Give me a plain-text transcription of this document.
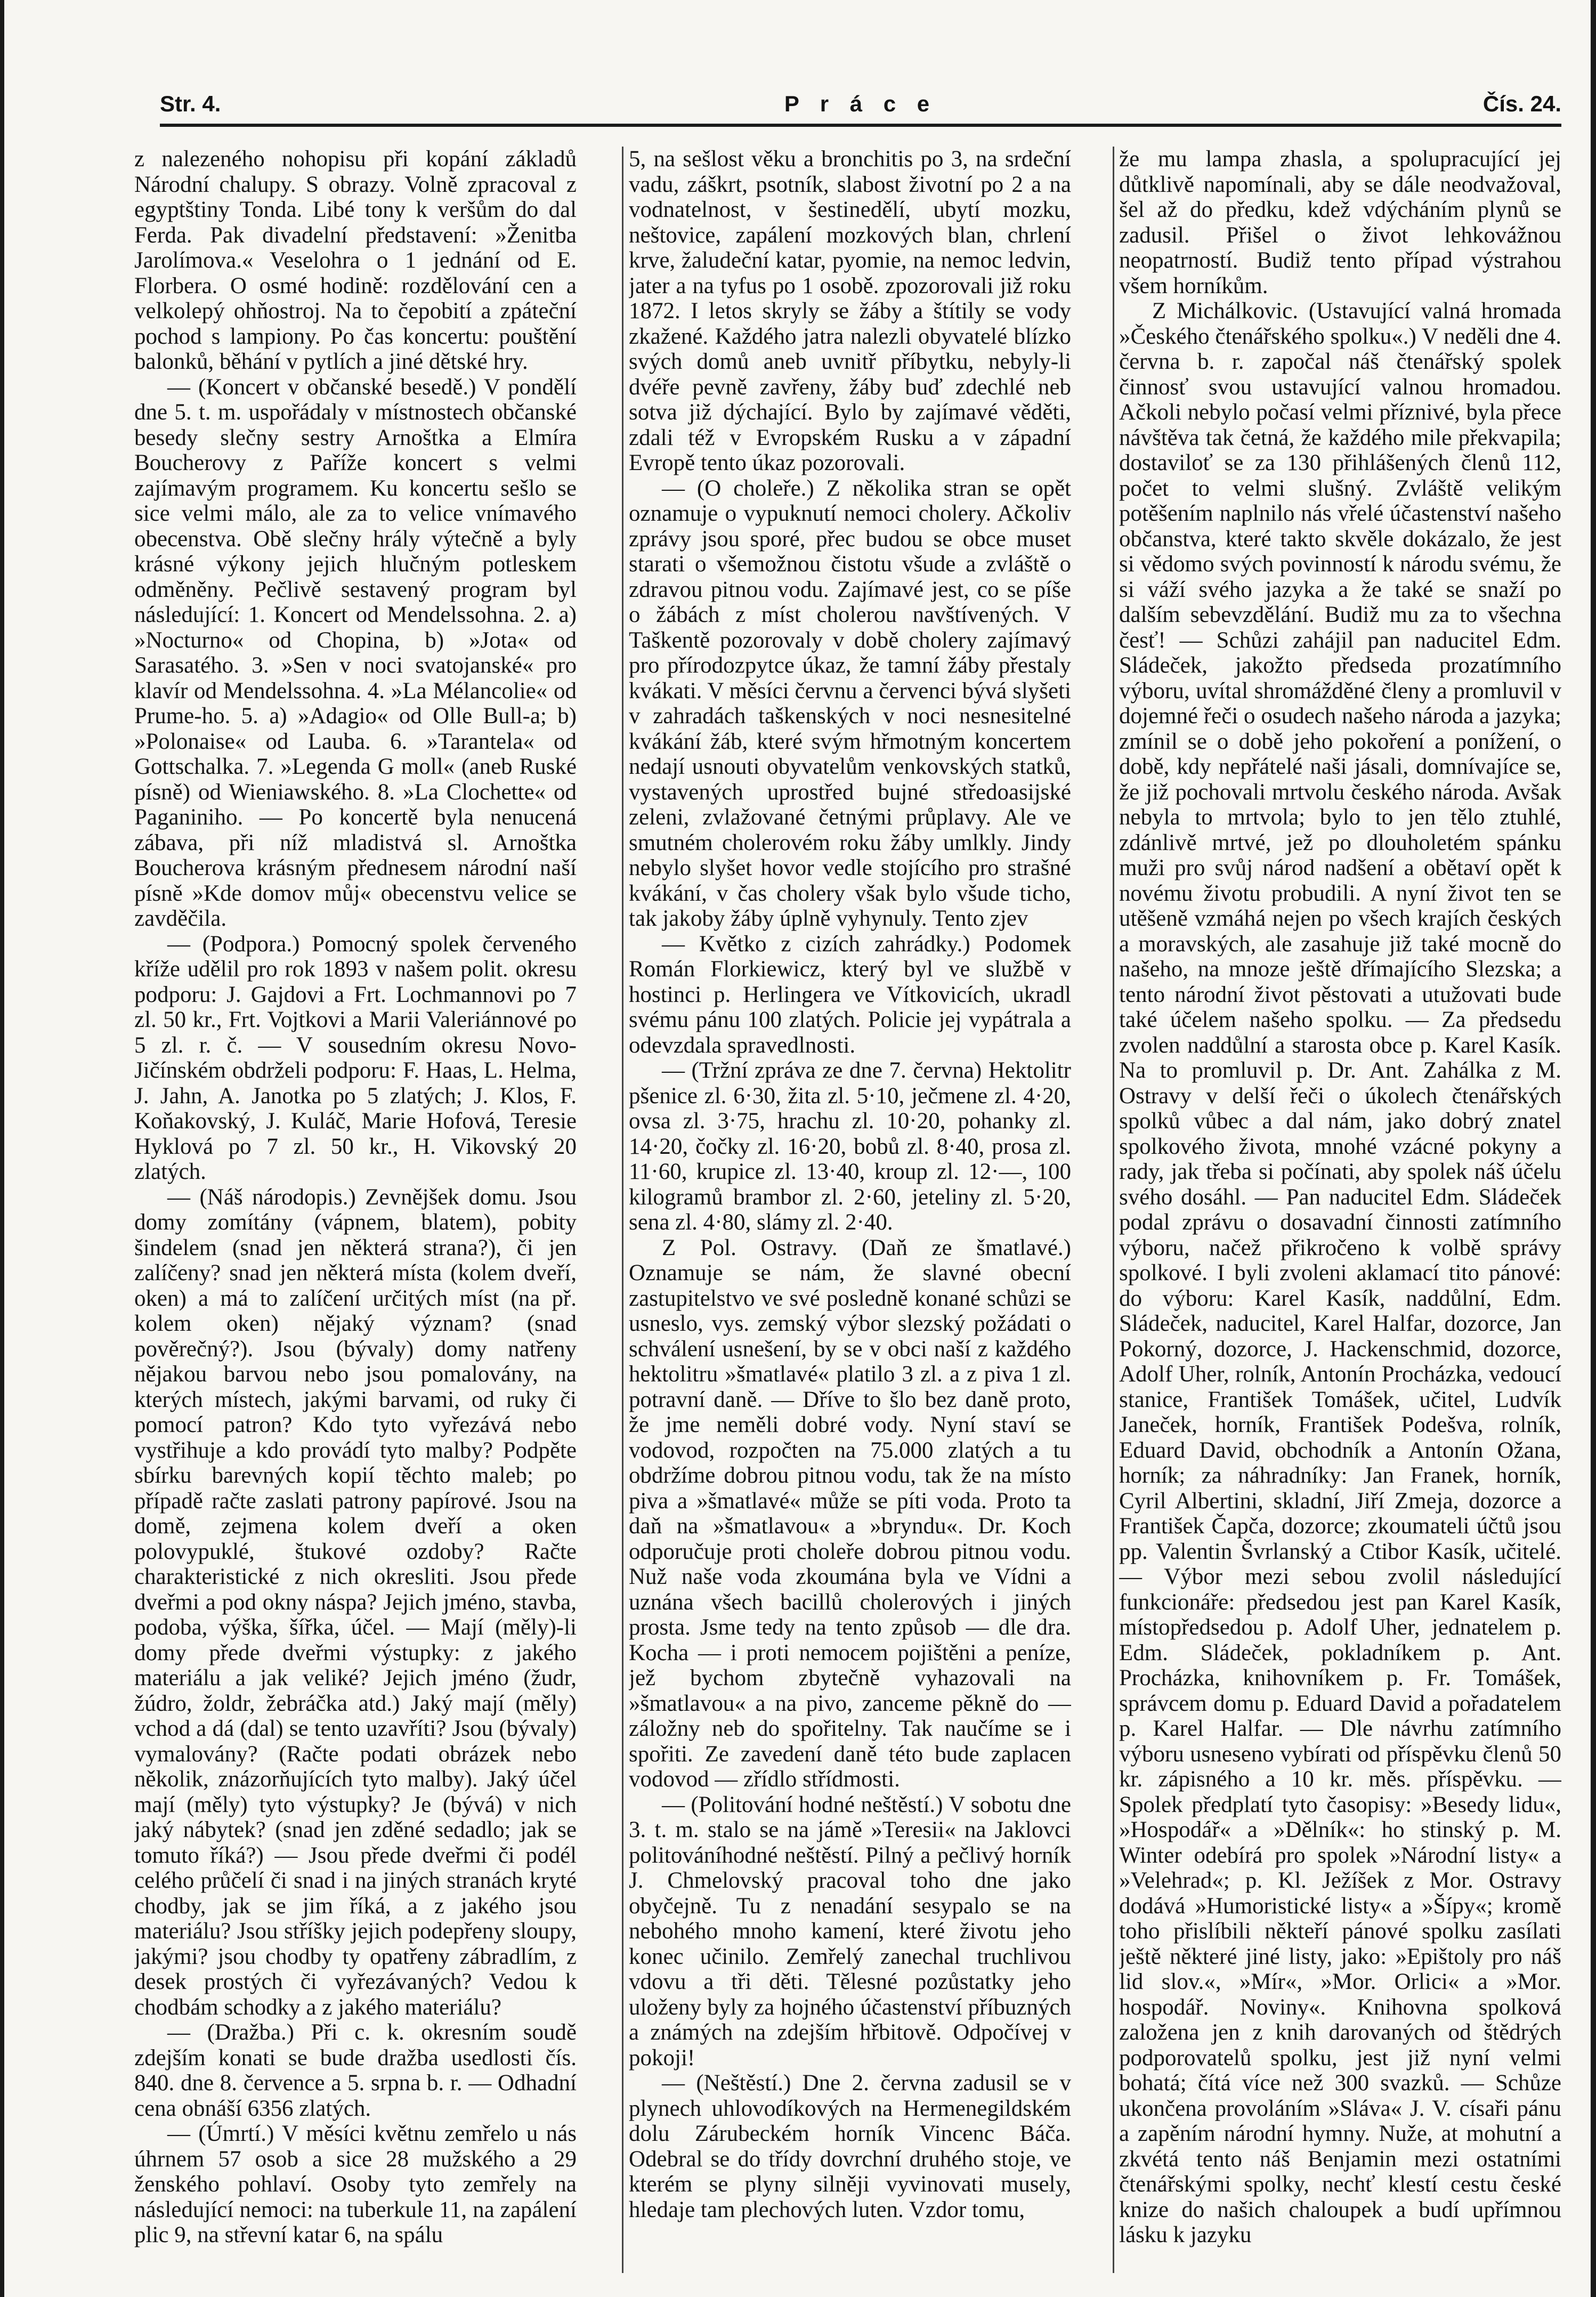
Str. 4.	P r á c e	Čís. 24.

z nalezeného nohopisu při kopání základů Národní chalupy. S obrazy. Volně zpracoval z egyptštiny Tonda. Libé tony k veršům do dal Ferda. Pak divadelní představení: »Ženitba Jarolímova.« Veselohra o 1 jednání od E. Florbera. O osmé hodině: rozdělování cen a velkolepý ohňostroj. Na to čepobití a zpáteční pochod s lampiony. Po čas koncertu: pouštění balonků, běhání v pytlích a jiné dětské hry.

— (Koncert v občanské besedě.) V pondělí dne 5. t. m. uspořádaly v místnostech občanské besedy slečny sestry Arnoštka a Elmíra Boucherovy z Paříže koncert s velmi zajímavým programem. Ku koncertu sešlo se sice velmi málo, ale za to velice vnímavého obecenstva. Obě slečny hrály výtečně a byly krásné výkony jejich hlučným potleskem odměněny. Pečlivě sestavený program byl následující: 1. Koncert od Mendelssohna. 2. a) »Nocturno« od Chopina, b) »Jota« od Sarasatého. 3. »Sen v noci svatojanské« pro klavír od Mendelssohna. 4. »La Mélancolie« od Prume-ho. 5. a) »Adagio« od Olle Bull-a; b) »Polonaise« od Lauba. 6. »Tarantela« od Gottschalka. 7. »Legenda G moll« (aneb Ruské písně) od Wieniawského. 8. »La Clochette« od Paganiniho. — Po koncertě byla nenucená zábava, při níž mladistvá sl. Arnoštka Boucherova krásným přednesem národní naší písně »Kde domov můj« obecenstvu velice se zavděčila.

— (Podpora.) Pomocný spolek červeného kříže udělil pro rok 1893 v našem polit. okresu podporu: J. Gajdovi a Frt. Lochmannovi po 7 zl. 50 kr., Frt. Vojtkovi a Marii Valeriánnové po 5 zl. r. č. — V sousedním okresu Novo-Jičínském obdrželi podporu: F. Haas, L. Helma, J. Jahn, A. Janotka po 5 zlatých; J. Klos, F. Koňakovský, J. Kuláč, Marie Hofová, Teresie Hyklová po 7 zl. 50 kr., H. Vikovský 20 zlatých.

— (Náš národopis.) Zevnějšek domu. Jsou domy zomítány (vápnem, blatem), pobity šindelem (snad jen některá strana?), či jen zalíčeny? snad jen některá místa (kolem dveří, oken) a má to zalíčení určitých míst (na př. kolem oken) nějaký význam? (snad pověrečný?). Jsou (bývaly) domy natřeny nějakou barvou nebo jsou pomalovány, na kterých místech, jakými barvami, od ruky či pomocí patron? Kdo tyto vyřezává nebo vystřihuje a kdo provádí tyto malby? Podpěte sbírku barevných kopií těchto maleb; po případě račte zaslati patrony papírové. Jsou na domě, zejmena kolem dveří a oken polovypuklé, štukové ozdoby? Račte charakteristické z nich okresliti. Jsou přede dveřmi a pod okny náspa? Jejich jméno, stavba, podoba, výška, šířka, účel. — Mají (měly)-li domy přede dveřmi výstupky: z jakého materiálu a jak veliké? Jejich jméno (žudr, žúdro, žoldr, žebráčka atd.) Jaký mají (měly) vchod a dá (dal) se tento uzavříti? Jsou (bývaly) vymalovány? (Račte podati obrázek nebo několik, znázorňujících tyto malby). Jaký účel mají (měly) tyto výstupky? Je (bývá) v nich jaký nábytek? (snad jen zděné sedadlo; jak se tomuto říká?) — Jsou přede dveřmi či podél celého průčelí či snad i na jiných stranách kryté chodby, jak se jim říká, a z jakého jsou materiálu? Jsou stříšky jejich podepřeny sloupy, jakými? jsou chodby ty opatřeny zábradlím, z desek prostých či vyřezávaných? Vedou k chodbám schodky a z jakého materiálu?

— (Dražba.) Při c. k. okresním soudě zdejším konati se bude dražba usedlosti čís. 840. dne 8. července a 5. srpna b. r. — Odhadní cena obnáší 6356 zlatých.

— (Úmrtí.) V měsíci květnu zemřelo u nás úhrnem 57 osob a sice 28 mužského a 29 ženského pohlaví. Osoby tyto zemřely na následující nemoci: na tuberkule 11, na zapálení plic 9, na střevní katar 6, na spálu

5, na sešlost věku a bronchitis po 3, na srdeční vadu, záškrt, psotník, slabost životní po 2 a na vodnatelnost, v šestinedělí, ubytí mozku, neštovice, zapálení mozkových blan, chrlení krve, žaludeční katar, pyomie, na nemoc ledvin, jater a na tyfus po 1 osobě. zpozorovali již roku 1872. I letos skryly se žáby a štítily se vody zkažené. Každého jatra nalezli obyvatelé blízko svých domů aneb uvnitř příbytku, nebyly-li dvéře pevně zavřeny, žáby buď zdechlé neb sotva již dýchající. Bylo by zajímavé věděti, zdali též v Evropském Rusku a v západní Evropě tento úkaz pozorovali.

— (O choleře.) Z několika stran se opět oznamuje o vypuknutí nemoci cholery. Ačkoliv zprávy jsou sporé, přec budou se obce muset starati o všemožnou čistotu všude a zvláště o zdravou pitnou vodu. Zajímavé jest, co se píše o žábách z míst cholerou navštívených. V Taškentě pozorovaly v době cholery zajímavý pro přírodozpytce úkaz, že tamní žáby přestaly kvákati. V měsíci červnu a červenci bývá slyšeti v zahradách taškenských v noci nesnesitelné kvákání žáb, které svým hřmotným koncertem nedají usnouti obyvatelům venkovských statků, vystavených uprostřed bujné středoasijské zeleni, zvlažované četnými průplavy. Ale ve smutném cholerovém roku žáby umlkly. Jindy nebylo slyšet hovor vedle stojícího pro strašné kvákání, v čas cholery však bylo všude ticho, tak jakoby žáby úplně vyhynuly. Tento zjev

— Květko z cizích zahrádky.) Podomek Román Florkiewicz, který byl ve službě v hostinci p. Herlingera ve Vítkovicích, ukradl svému pánu 100 zlatých. Policie jej vypátrala a odevzdala spravedlnosti.

— (Tržní zpráva ze dne 7. června) Hektolitr pšenice zl. 6·30, žita zl. 5·10, ječmene zl. 4·20, ovsa zl. 3·75, hrachu zl. 10·20, pohanky zl. 14·20, čočky zl. 16·20, bobů zl. 8·40, prosa zl. 11·60, krupice zl. 13·40, kroup zl. 12·—, 100 kilogramů brambor zl. 2·60, jeteliny zl. 5·20, sena zl. 4·80, slámy zl. 2·40.

Z Pol. Ostravy. (Daň ze šmatlavé.) Oznamuje se nám, že slavné obecní zastupitelstvo ve své posledně konané schůzi se usneslo, vys. zemský výbor slezský požádati o schválení usnešení, by se v obci naší z každého hektolitru »šmatlavé« platilo 3 zl. a z piva 1 zl. potravní daně. — Dříve to šlo bez daně proto, že jme neměli dobré vody. Nyní staví se vodovod, rozpočten na 75.000 zlatých a tu obdržíme dobrou pitnou vodu, tak že na místo piva a »šmatlavé« může se píti voda. Proto ta daň na »šmatlavou« a »bryndu«. Dr. Koch odporučuje proti choleře dobrou pitnou vodu. Nuž naše voda zkoumána byla ve Vídni a uznána všech bacillů cholerových i jiných prosta. Jsme tedy na tento způsob — dle dra. Kocha — i proti nemocem pojištěni a peníze, jež bychom zbytečně vyhazovali na »šmatlavou« a na pivo, zanceme pěkně do — záložny neb do spořitelny. Tak naučíme se i spořiti. Ze zavedení daně této bude zaplacen vodovod — zřídlo střídmosti.

— (Politování hodné neštěstí.) V sobotu dne 3. t. m. stalo se na jámě »Teresii« na Jaklovci politováníhodné neštěstí. Pilný a pečlivý horník J. Chmelovský pracoval toho dne jako obyčejně. Tu z nenadání sesypalo se na nebohého mnoho kamení, které životu jeho konec učinilo. Zemřelý zanechal truchlivou vdovu a tři děti. Tělesné pozůstatky jeho uloženy byly za hojného účastenství příbuzných a známých na zdejším hřbitově. Odpočívej v pokoji!

— (Neštěstí.) Dne 2. června zadusil se v plynech uhlovodíkových na Hermenegildském dolu Zárubeckém horník Vincenc Báča. Odebral se do třídy dovrchní druhého stoje, ve kterém se plyny silněji vyvinovati musely, hledaje tam plechových luten. Vzdor tomu,

že mu lampa zhasla, a spolupracující jej důtklivě napomínali, aby se dále neodvažoval, šel až do předku, kdež vdýcháním plynů se zadusil. Přišel o život lehkovážnou neopatrností. Budiž tento případ výstrahou všem horníkům.

Z Michálkovic. (Ustavující valná hromada »Českého čtenářského spolku«.) V neděli dne 4. června b. r. započal náš čtenářský spolek činnosť svou ustavující valnou hromadou. Ačkoli nebylo počasí velmi příznivé, byla přece návštěva tak četná, že každého mile překvapila; dostaviloť se za 130 přihlášených členů 112, počet to velmi slušný. Zvláště velikým potěšením naplnilo nás vřelé účastenství našeho občanstva, které takto skvěle dokázalo, že jest si vědomo svých povinností k národu svému, že si váží svého jazyka a že také se snaží po dalším sebevzdělání. Budiž mu za to všechna česť! — Schůzi zahájil pan naducitel Edm. Sládeček, jakožto předseda prozatímního výboru, uvítal shromážděné členy a promluvil v dojemné řeči o osudech našeho národa a jazyka; zmínil se o době jeho pokoření a ponížení, o době, kdy nepřátelé naši jásali, domnívajíce se, že již pochovali mrtvolu českého národa. Avšak nebyla to mrtvola; bylo to jen tělo ztuhlé, zdánlivě mrtvé, jež po dlouholetém spánku muži pro svůj národ nadšení a obětaví opět k novému životu probudili. A nyní život ten se utěšeně vzmáhá nejen po všech krajích českých a moravských, ale zasahuje již také mocně do našeho, na mnoze ještě dřímajícího Slezska; a tento národní život pěstovati a utužovati bude také účelem našeho spolku. — Za předsedu zvolen naddůlní a starosta obce p. Karel Kasík. Na to promluvil p. Dr. Ant. Zahálka z M. Ostravy v delší řeči o úkolech čtenářských spolků vůbec a dal nám, jako dobrý znatel spolkového života, mnohé vzácné pokyny a rady, jak třeba si počínati, aby spolek náš účelu svého dosáhl. — Pan naducitel Edm. Sládeček podal zprávu o dosavadní činnosti zatímního výboru, načež přikročeno k volbě správy spolkové. I byli zvoleni aklamací tito pánové: do výboru: Karel Kasík, naddůlní, Edm. Sládeček, naducitel, Karel Halfar, dozorce, Jan Pokorný, dozorce, J. Hackenschmid, dozorce, Adolf Uher, rolník, Antonín Procházka, vedoucí stanice, František Tomášek, učitel, Ludvík Janeček, horník, František Podešva, rolník, Eduard David, obchodník a Antonín Ožana, horník; za náhradníky: Jan Franek, horník, Cyril Albertini, skladní, Jiří Zmeja, dozorce a František Čapča, dozorce; zkoumateli účtů jsou pp. Valentin Švrlanský a Ctibor Kasík, učitelé. — Výbor mezi sebou zvolil následující funkcionáře: předsedou jest pan Karel Kasík, místopředsedou p. Adolf Uher, jednatelem p. Edm. Sládeček, pokladníkem p. Ant. Procházka, knihovníkem p. Fr. Tomášek, správcem domu p. Eduard David a pořadatelem p. Karel Halfar. — Dle návrhu zatímního výboru usneseno vybírati od příspěvku členů 50 kr. zápisného a 10 kr. měs. příspěvku. — Spolek předplatí tyto časopisy: »Besedy lidu«, »Hospodář« a »Dělník«: ho stinský p. M. Winter odebírá pro spolek »Národní listy« a »Velehrad«; p. Kl. Ježíšek z Mor. Ostravy dodává »Humoristické listy« a »Šípy«; kromě toho přislíbili někteří pánové spolku zasílati ještě některé jiné listy, jako: »Epištoly pro náš lid slov.«, »Mír«, »Mor. Orlici« a »Mor. hospodář. Noviny«. Knihovna spolková založena jen z knih darovaných od štědrých podporovatelů spolku, jest již nyní velmi bohatá; čítá více než 300 svazků. — Schůze ukončena provoláním »Sláva« J. V. císaři pánu a zapěním národní hymny. Nuže, at mohutní a zkvétá tento náš Benjamin mezi ostatními čtenářskými spolky, nechť klestí cestu české knize do našich chaloupek a budí upřímnou lásku k jazyku
